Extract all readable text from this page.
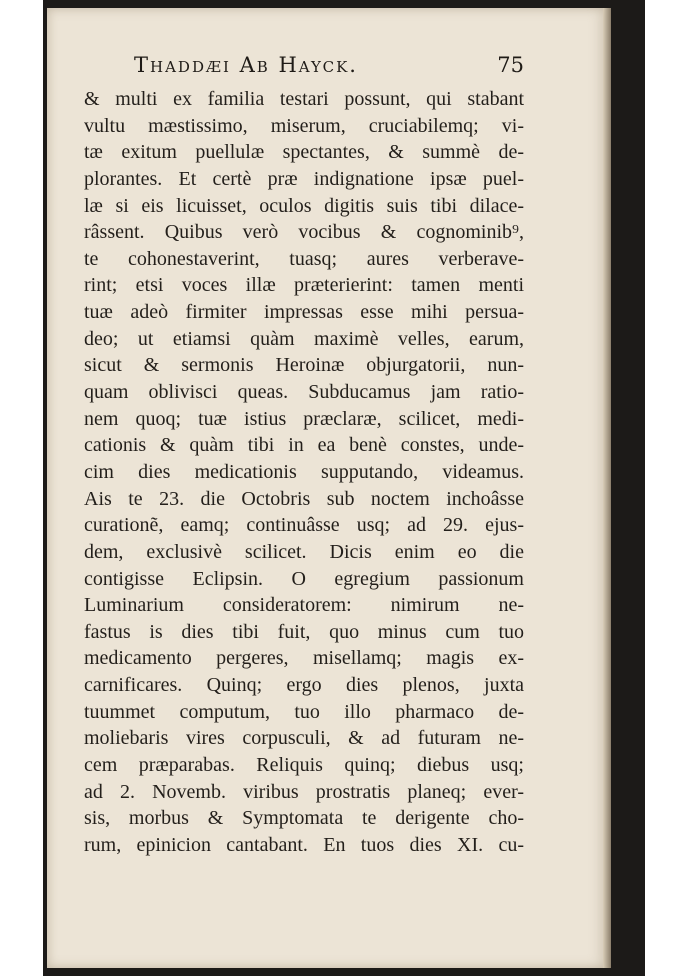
Thaddæi Ab Hayck.	75
& multi ex familia testari possunt, qui stabant
vultu mæstissimo, miserum, cruciabilemq; vi-
tæ exitum puellulæ spectantes, & summè de-
plorantes. Et certè præ indignatione ipsæ puel-
læ si eis licuisset, oculos digitis suis tibi dilace-
râssent. Quibus verò vocibus & cognominib⁹,
te cohonestaverint, tuasq; aures verberave-
rint; etsi voces illæ præterierint: tamen menti
tuæ adeò firmiter impressas esse mihi persua-
deo; ut etiamsi quàm maximè velles, earum,
sicut & sermonis Heroinæ objurgatorii, nun-
quam oblivisci queas. Subducamus jam ratio-
nem quoq; tuæ istius præclaræ, scilicet, medi-
cationis & quàm tibi in ea benè constes, unde-
cim dies medicationis supputando, videamus.
Ais te 23. die Octobris sub noctem inchoâsse
curationẽ, eamq; continuâsse usq; ad 29. ejus-
dem, exclusivè scilicet. Dicis enim eo die
contigisse Eclipsin. O egregium passionum
Luminarium consideratorem: nimirum ne-
fastus is dies tibi fuit, quo minus cum tuo
medicamento pergeres, misellamq; magis ex-
carnificares. Quinq; ergo dies plenos, juxta
tuummet computum, tuo illo pharmaco de-
moliebaris vires corpusculi, & ad futuram ne-
cem præparabas. Reliquis quinq; diebus usq;
ad 2. Novemb. viribus prostratis planeq; ever-
sis, morbus & Symptomata te derigente cho-
rum, epinicion cantabant. En tuos dies XI. cu-
